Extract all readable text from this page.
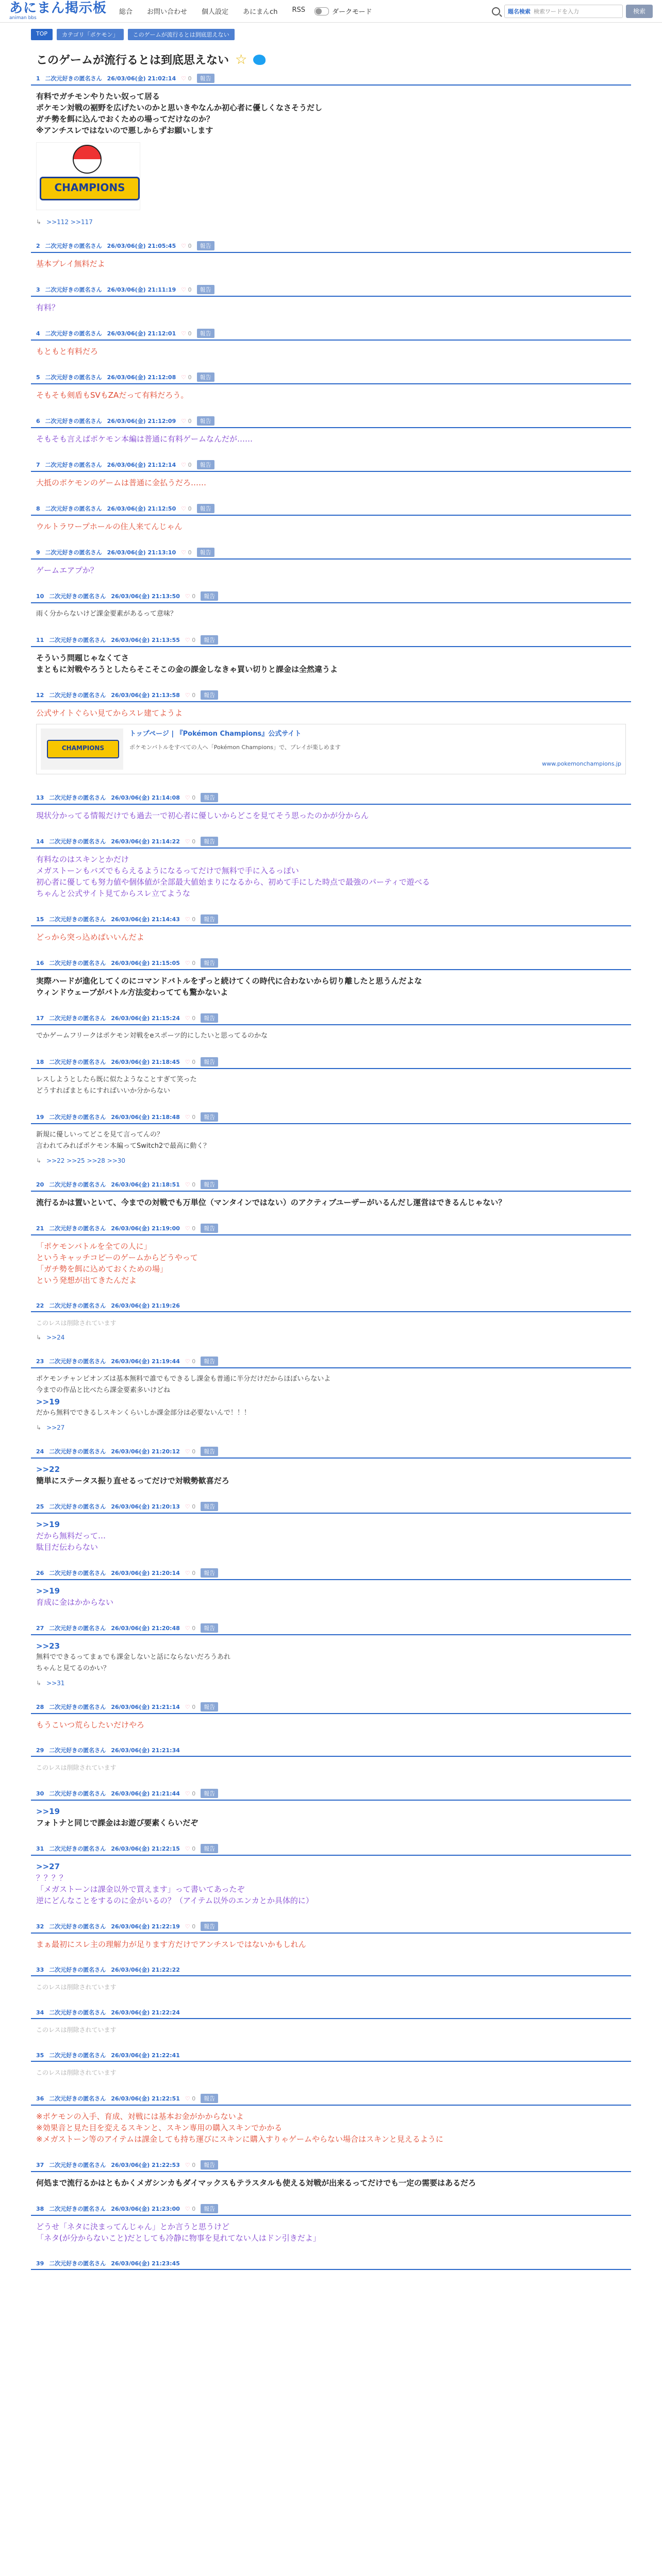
あにまん掲示板
animan bbs
総合 お問い合わせ 個人設定 あにまんch RSS	ダークモード	題名検索 検索ワードを入力	検索
TOP	カテゴリ「ポケモン」	このゲームが流行るとは到底思えない
このゲームが流行るとは到底思えない ☆
1 二次元好きの匿名さん 26/03/06(金) 21:02:14 ♡ 0	報告
有料でガチモンやりたい奴って居る
ポケモン対戦の裾野を広げたいのかと思いきやなんか初心者に優しくなさそうだし
ガチ勢を餌に込んでおくための場ってだけなのか？
※アンチスレではないので悪しからずお願いします
CHAMPIONS
↳ >>112 >>117
2 二次元好きの匿名さん 26/03/06(金) 21:05:45 ♡ 0	報告
基本プレイ無料だよ
3 二次元好きの匿名さん 26/03/06(金) 21:11:19 ♡ 0	報告
有料？
4 二次元好きの匿名さん 26/03/06(金) 21:12:01 ♡ 0	報告
もともと有料だろ
5 二次元好きの匿名さん 26/03/06(金) 21:12:08 ♡ 0	報告
そもそも剣盾もSVもZAだって有料だろう。
6 二次元好きの匿名さん 26/03/06(金) 21:12:09 ♡ 0	報告
そもそも言えばポケモン本編は普通に有料ゲームなんだが……
7 二次元好きの匿名さん 26/03/06(金) 21:12:14 ♡ 0	報告
大抵のポケモンのゲームは普通に金払うだろ……
8 二次元好きの匿名さん 26/03/06(金) 21:12:50 ♡ 0	報告
ウルトラワープホールの住人来てんじゃん
9 二次元好きの匿名さん 26/03/06(金) 21:13:10 ♡ 0	報告
ゲームエアプか？
10 二次元好きの匿名さん 26/03/06(金) 21:13:50 ♡ 0	報告
雨く分からないけど課金要素があるって意味？
11 二次元好きの匿名さん 26/03/06(金) 21:13:55 ♡ 0	報告
そういう問題じゃなくてさ
まともに対戦やろうとしたらそこそこの金の課金しなきゃ買い切りと課金は全然違うよ
12 二次元好きの匿名さん 26/03/06(金) 21:13:58 ♡ 0	報告
公式サイトぐらい見てからスレ建てようよ
CHAMPIONS
トップページ | 『Pokémon Champions』公式サイト
ポケモンバトルをすべての人へ「Pokémon Champions」で、プレイが楽しめます
www.pokemonchampions.jp
13 二次元好きの匿名さん 26/03/06(金) 21:14:08 ♡ 0	報告
現状分かってる情報だけでも過去一で初心者に優しいからどこを見てそう思ったのかが分からん
14 二次元好きの匿名さん 26/03/06(金) 21:14:22 ♡ 0	報告
有料なのはスキンとかだけ
メガストーンもバズでもらえるようになるってだけで無料で手に入るっぽい
初心者に優しても努力値や個体値が全部最大値始まりになるから、初めて手にした時点で最強のパーティで遊べる
ちゃんと公式サイト見てからスレ立てような
15 二次元好きの匿名さん 26/03/06(金) 21:14:43 ♡ 0	報告
どっから突っ込めばいいんだよ
16 二次元好きの匿名さん 26/03/06(金) 21:15:05 ♡ 0	報告
実際ハードが進化してくのにコマンドバトルをずっと続けてくの時代に合わないから切り離したと思うんだよな
ウィンドウェーブがバトル方法変わってても驚かないよ
17 二次元好きの匿名さん 26/03/06(金) 21:15:24 ♡ 0	報告
でかゲームフリークはポケモン対戦をeスポーツ的にしたいと思ってるのかな
18 二次元好きの匿名さん 26/03/06(金) 21:18:45 ♡ 0	報告
レスしようとしたら既に似たようなことすぎて笑った
どうすればまともにすればいいか分からない
19 二次元好きの匿名さん 26/03/06(金) 21:18:48 ♡ 0	報告
新規に優しいってどこを見て言ってんの？
言われてみればポケモン本編ってSwitch2で最高に動く？
↳ >>22 >>25 >>28 >>30
20 二次元好きの匿名さん 26/03/06(金) 21:18:51 ♡ 0	報告
流行るかは置いといて、今までの対戦でも万単位（マンタインではない）のアクティブユーザーがいるんだし運営はできるんじゃない？
21 二次元好きの匿名さん 26/03/06(金) 21:19:00 ♡ 0	報告
「ポケモンバトルを全ての人に」
というキャッチコピーのゲームからどうやって
「ガチ勢を餌に込めておくための場」
という発想が出てきたんだよ
22 二次元好きの匿名さん 26/03/06(金) 21:19:26
このレスは削除されています
↳ >>24
23 二次元好きの匿名さん 26/03/06(金) 21:19:44 ♡ 0	報告
ポケモンチャンピオンズは基本無料で誰でもできるし課金も普通に半分だけだからほぼいらないよ
今までの作品と比べたら課金要素多いけどね
>>19
だから無料でできるしスキンくらいしか課金部分は必要ないんで！！！
↳ >>27
24 二次元好きの匿名さん 26/03/06(金) 21:20:12 ♡ 0	報告
>>22
簡単にステータス振り直せるってだけで対戦勢歓喜だろ
25 二次元好きの匿名さん 26/03/06(金) 21:20:13 ♡ 0	報告
>>19
だから無料だって…
駄目だ伝わらない
26 二次元好きの匿名さん 26/03/06(金) 21:20:14 ♡ 0	報告
>>19
育成に金はかからない
27 二次元好きの匿名さん 26/03/06(金) 21:20:48 ♡ 0	報告
>>23
無料でできるってまぁでも課金しないと話にならないだろうあれ
ちゃんと見てるのかい？
↳ >>31
28 二次元好きの匿名さん 26/03/06(金) 21:21:14 ♡ 0	報告
もうこいつ荒らしたいだけやろ
29 二次元好きの匿名さん 26/03/06(金) 21:21:34
このレスは削除されています
30 二次元好きの匿名さん 26/03/06(金) 21:21:44 ♡ 0	報告
>>19
フォトナと同じで課金はお遊び要素くらいだぞ
31 二次元好きの匿名さん 26/03/06(金) 21:22:15 ♡ 0	報告
>>27
？？？？
「メガストーンは課金以外で買えます」って書いてあったぞ
逆にどんなことをするのに金がいるの？（アイテム以外のエンカとか具体的に）
32 二次元好きの匿名さん 26/03/06(金) 21:22:19 ♡ 0	報告
まぁ最初にスレ主の理解力が足ります方だけでアンチスレではないかもしれん
33 二次元好きの匿名さん 26/03/06(金) 21:22:22
このレスは削除されています
34 二次元好きの匿名さん 26/03/06(金) 21:22:24
このレスは削除されています
35 二次元好きの匿名さん 26/03/06(金) 21:22:41
このレスは削除されています
36 二次元好きの匿名さん 26/03/06(金) 21:22:51 ♡ 0	報告
※ポケモンの入手、育成、対戦には基本お金がかからないよ
※効果音と見た目を変えるスキンと、スキン専用の購入スキンでかかる
※メガストーン等のアイテムは課金しても持ち運びにスキンに購入すりゃゲームやらない場合はスキンと見えるように
37 二次元好きの匿名さん 26/03/06(金) 21:22:53 ♡ 0	報告
何処まで流行るかはともかくメガシンカもダイマックスもテラスタルも使える対戦が出来るってだけでも一定の需要はあるだろ
38 二次元好きの匿名さん 26/03/06(金) 21:23:00 ♡ 0	報告
どうせ「ネタに決まってんじゃん」とか言うと思うけど
「ネタ(が分からないこと)だとしても冷静に物事を見れてない人はドン引きだよ」
39 二次元好きの匿名さん 26/03/06(金) 21:23:45
